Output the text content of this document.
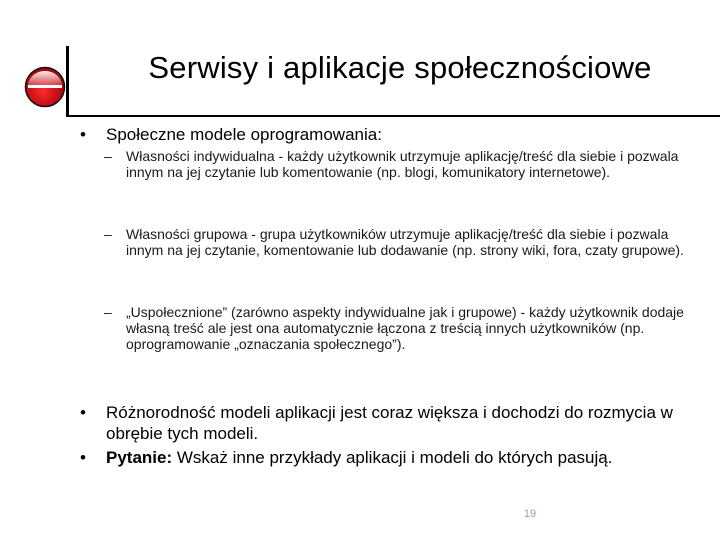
Serwisy i aplikacje społecznościowe
• Społeczne modele oprogramowania:
– Własności indywidualna - każdy użytkownik utrzymuje aplikację/treść dla siebie i pozwala innym na jej czytanie lub komentowanie (np. blogi, komunikatory internetowe).
– Własności grupowa - grupa użytkowników utrzymuje aplikację/treść dla siebie i pozwala innym na jej czytanie, komentowanie lub dodawanie (np. strony wiki, fora, czaty grupowe).
– „Uspołecznione” (zarówno aspekty indywidualne jak i grupowe) - każdy użytkownik dodaje własną treść ale jest ona automatycznie łączona z treścią innych użytkowników (np. oprogramowanie „oznaczania społecznego”).
• Różnorodność modeli aplikacji jest coraz większa i dochodzi do rozmycia w obrębie tych modeli.
• Pytanie: Wskaż inne przykłady aplikacji i modeli do których pasują.
19
